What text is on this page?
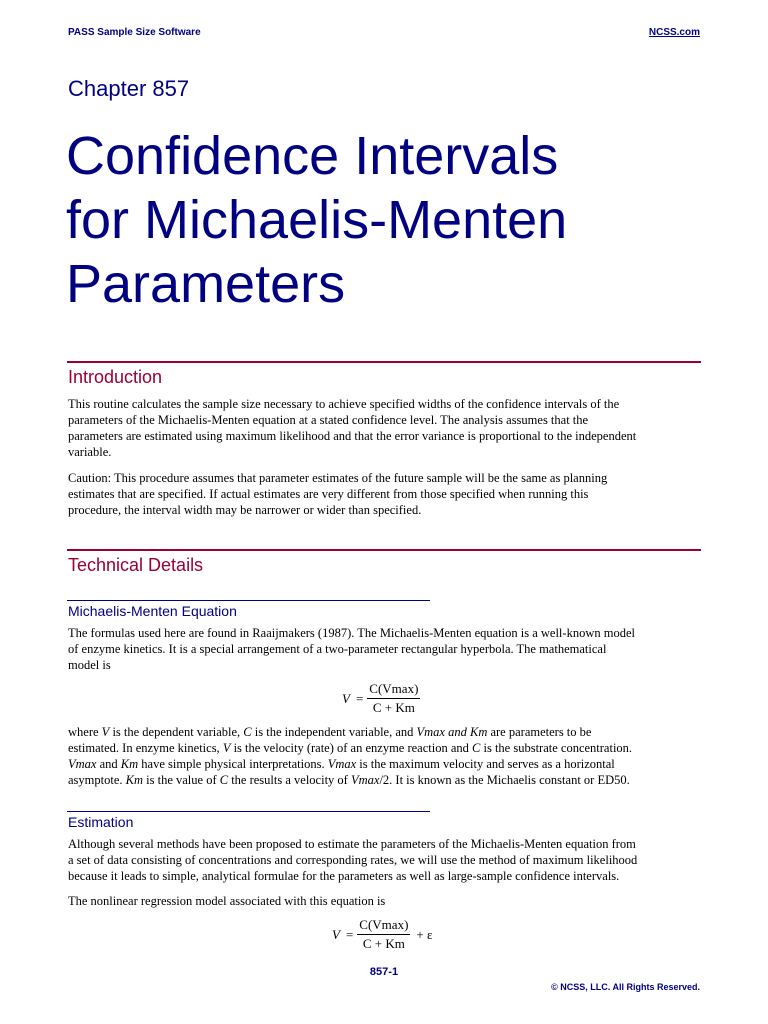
PASS Sample Size Software	NCSS.com
Chapter 857
Confidence Intervals
for Michaelis-Menten
Parameters
Introduction

This routine calculates the sample size necessary to achieve specified widths of the confidence intervals of the
parameters of the Michaelis-Menten equation at a stated confidence level. The analysis assumes that the
parameters are estimated using maximum likelihood and that the error variance is proportional to the independent
variable.

Caution: This procedure assumes that parameter estimates of the future sample will be the same as planning
estimates that are specified. If actual estimates are very different from those specified when running this
procedure, the interval width may be narrower or wider than specified.

Technical Details
Michaelis-Menten Equation

The formulas used here are found in Raaijmakers (1987). The Michaelis-Menten equation is a well-known model
of enzyme kinetics. It is a special arrangement of a two-parameter rectangular hyperbola. The mathematical
model is

$V = \frac{C(Vmax)}{C + Km}$

where V is the dependent variable, C is the independent variable, and Vmax and Km are parameters to be
estimated. In enzyme kinetics, V is the velocity (rate) of an enzyme reaction and C is the substrate concentration.
Vmax and Km have simple physical interpretations. Vmax is the maximum velocity and serves as a horizontal
asymptote. Km is the value of C the results a velocity of Vmax/2. It is known as the Michaelis constant or ED50.

Estimation

Although several methods have been proposed to estimate the parameters of the Michaelis-Menten equation from
a set of data consisting of concentrations and corresponding rates, we will use the method of maximum likelihood
because it leads to simple, analytical formulae for the parameters as well as large-sample confidence intervals.

The nonlinear regression model associated with this equation is

$V = \frac{C(Vmax)}{C + Km} + \varepsilon$
857-1
© NCSS, LLC. All Rights Reserved.
